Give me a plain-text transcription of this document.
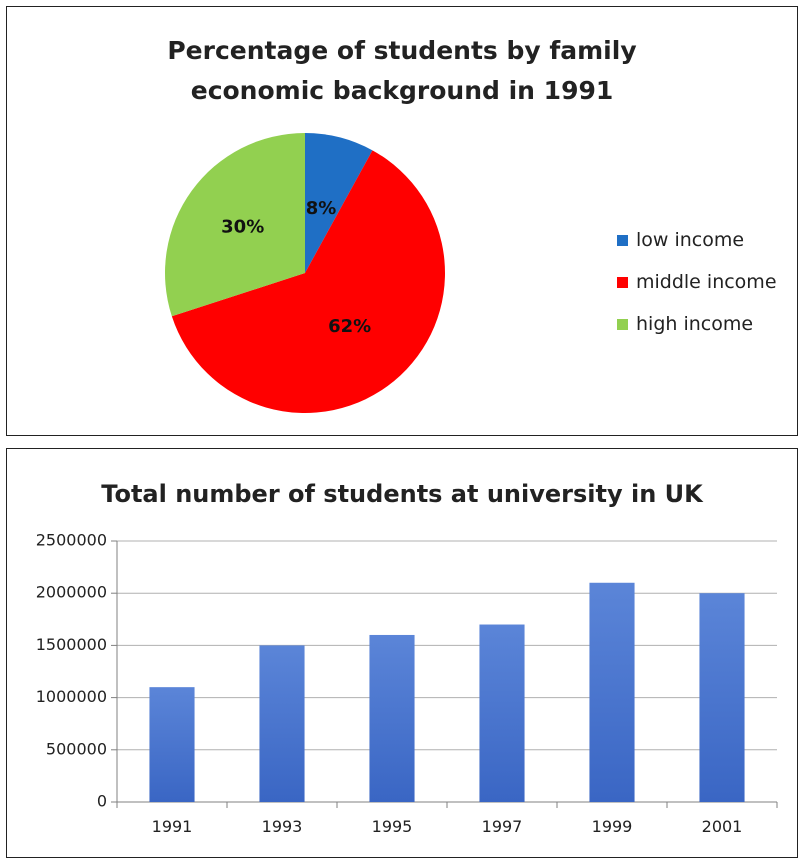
Percentage of students by family
economic background in 1991
8%
62%
30%
low income
middle income
high income
Total number of students at university in UK
0
500000
1000000
1500000
2000000
2500000
1991	1993	1995	1997	1999	2001
